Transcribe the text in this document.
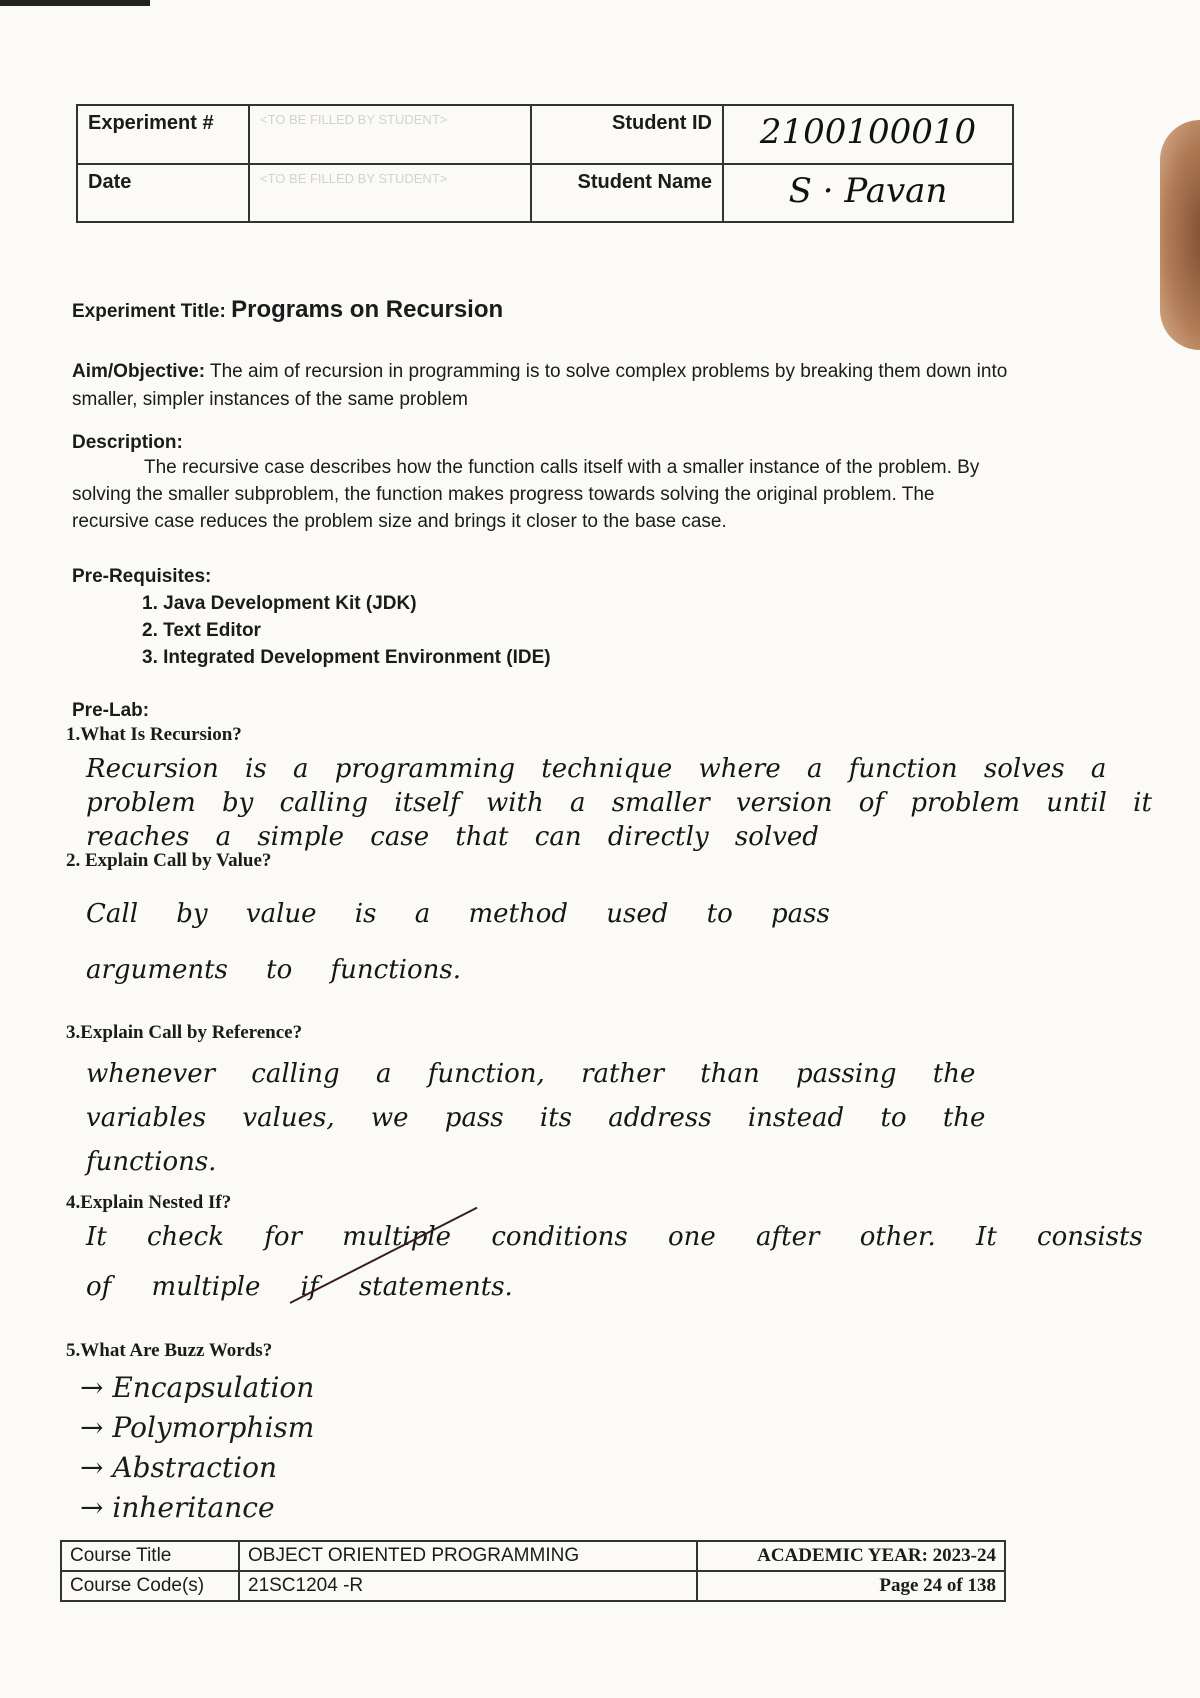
Experiment #	<TO BE FILLED BY STUDENT>	Student ID	2100100010
Date	<TO BE FILLED BY STUDENT>	Student Name	S · Pavan
Experiment Title: Programs on Recursion
Aim/Objective: The aim of recursion in programming is to solve complex problems by breaking them down into smaller, simpler instances of the same problem
Description:
The recursive case describes how the function calls itself with a smaller instance of the problem. By solving the smaller subproblem, the function makes progress towards solving the original problem. The recursive case reduces the problem size and brings it closer to the base case.
Pre-Requisites:
1. Java Development Kit (JDK)
2. Text Editor
3. Integrated Development Environment (IDE)
Pre-Lab:
1.What Is Recursion?
Recursion is a programming technique where a function solves a problem by calling itself with a smaller version of problem until it reaches a simple case that can directly solved
2. Explain Call by Value?
Call by value is a method used to pass arguments to functions.
3.Explain Call by Reference?
whenever calling a function, rather than passing the variables values, we pass its address instead to the functions.
4.Explain Nested If?
It check for multiple conditions one after other. It consists of multiple if statements.
5.What Are Buzz Words?
→ Encapsulation
→ Polymorphism
→ Abstraction
→ inheritance
Course Title	OBJECT ORIENTED PROGRAMMING	ACADEMIC YEAR: 2023-24
Course Code(s)	21SC1204 -R	Page 24 of 138
